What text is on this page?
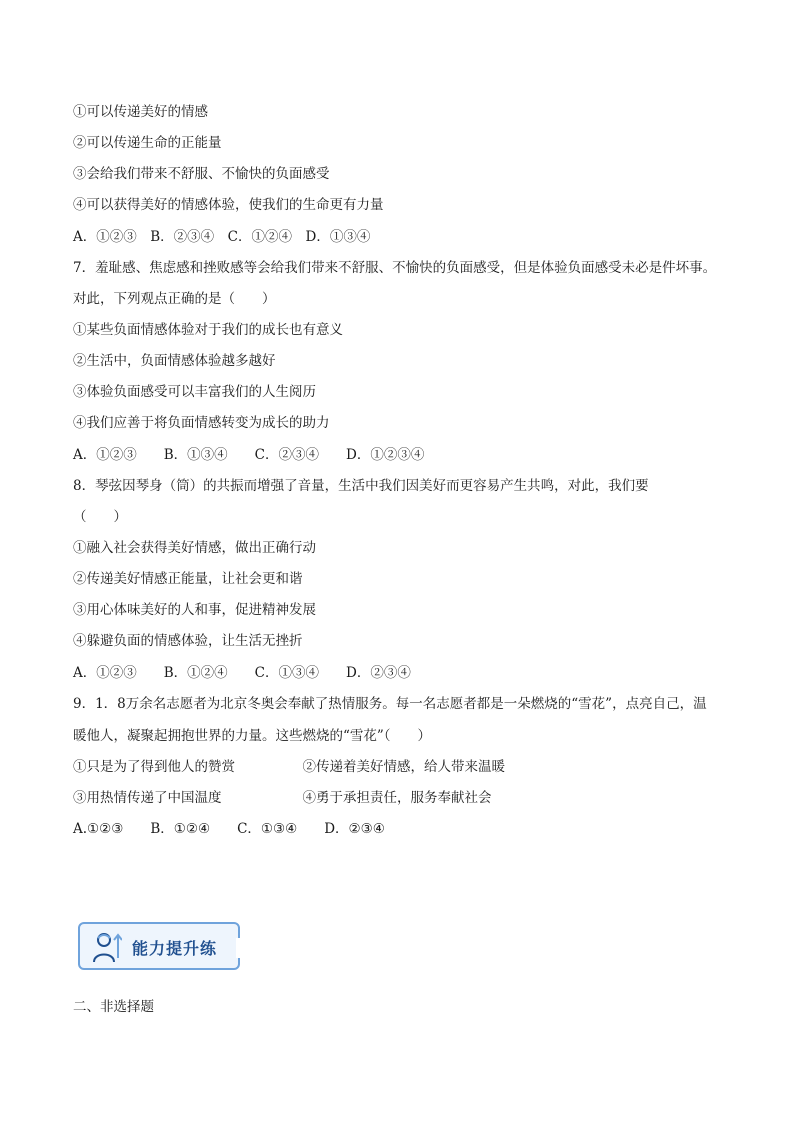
①可以传递美好的情感
②可以传递生命的正能量
③会给我们带来不舒服、不愉快的负面感受
④可以获得美好的情感体验，使我们的生命更有力量
A．①②③　B．②③④　C．①②④　D．①③④
7．羞耻感、焦虑感和挫败感等会给我们带来不舒服、不愉快的负面感受，但是体验负面感受未必是件坏事。
对此，下列观点正确的是（　　）
①某些负面情感体验对于我们的成长也有意义
②生活中，负面情感体验越多越好
③体验负面感受可以丰富我们的人生阅历
④我们应善于将负面情感转变为成长的助力
A．①②③　　B．①③④　　C．②③④　　D．①②③④
8．琴弦因琴身（筒）的共振而增强了音量，生活中我们因美好而更容易产生共鸣，对此，我们要
（　　）
①融入社会获得美好情感，做出正确行动
②传递美好情感正能量，让社会更和谐
③用心体味美好的人和事，促进精神发展
④躲避负面的情感体验，让生活无挫折
A．①②③　　B．①②④　　C．①③④　　D．②③④
9．1．8万余名志愿者为北京冬奥会奉献了热情服务。每一名志愿者都是一朵燃烧的“雪花”，点亮自己，温
暖他人，凝聚起拥抱世界的力量。这些燃烧的“雪花”（　　）
①只是为了得到他人的赞赏　　　　　②传递着美好情感，给人带来温暖
③用热情传递了中国温度　　　　　　④勇于承担责任，服务奉献社会
A.①②③　　B．①②④　　C．①③④　　D．②③④
能力提升练
二、非选择题
